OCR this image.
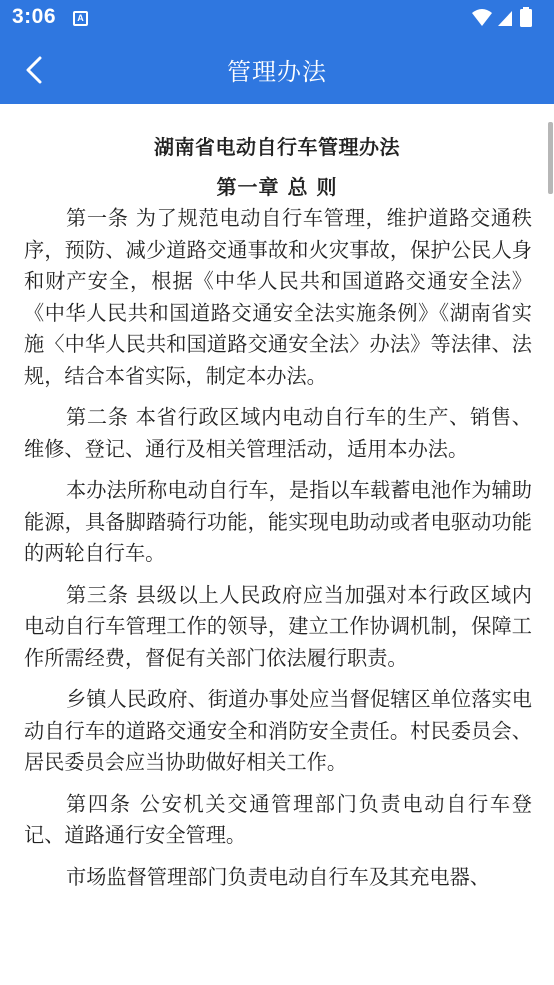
3:06	A
管理办法
湖南省电动自行车管理办法
第一章 总 则

第一条 为了规范电动自行车管理，维护道路交通秩序，预防、减少道路交通事故和火灾事故，保护公民人身和财产安全，根据《中华人民共和国道路交通安全法》《中华人民共和国道路交通安全法实施条例》《湖南省实施〈中华人民共和国道路交通安全法〉办法》等法律、法规，结合本省实际，制定本办法。

第二条 本省行政区域内电动自行车的生产、销售、维修、登记、通行及相关管理活动，适用本办法。

本办法所称电动自行车，是指以车载蓄电池作为辅助能源，具备脚踏骑行功能，能实现电助动或者电驱动功能的两轮自行车。

第三条 县级以上人民政府应当加强对本行政区域内电动自行车管理工作的领导，建立工作协调机制，保障工作所需经费，督促有关部门依法履行职责。

乡镇人民政府、街道办事处应当督促辖区单位落实电动自行车的道路交通安全和消防安全责任。村民委员会、居民委员会应当协助做好相关工作。

第四条 公安机关交通管理部门负责电动自行车登记、道路通行安全管理。

市场监督管理部门负责电动自行车及其充电器、
